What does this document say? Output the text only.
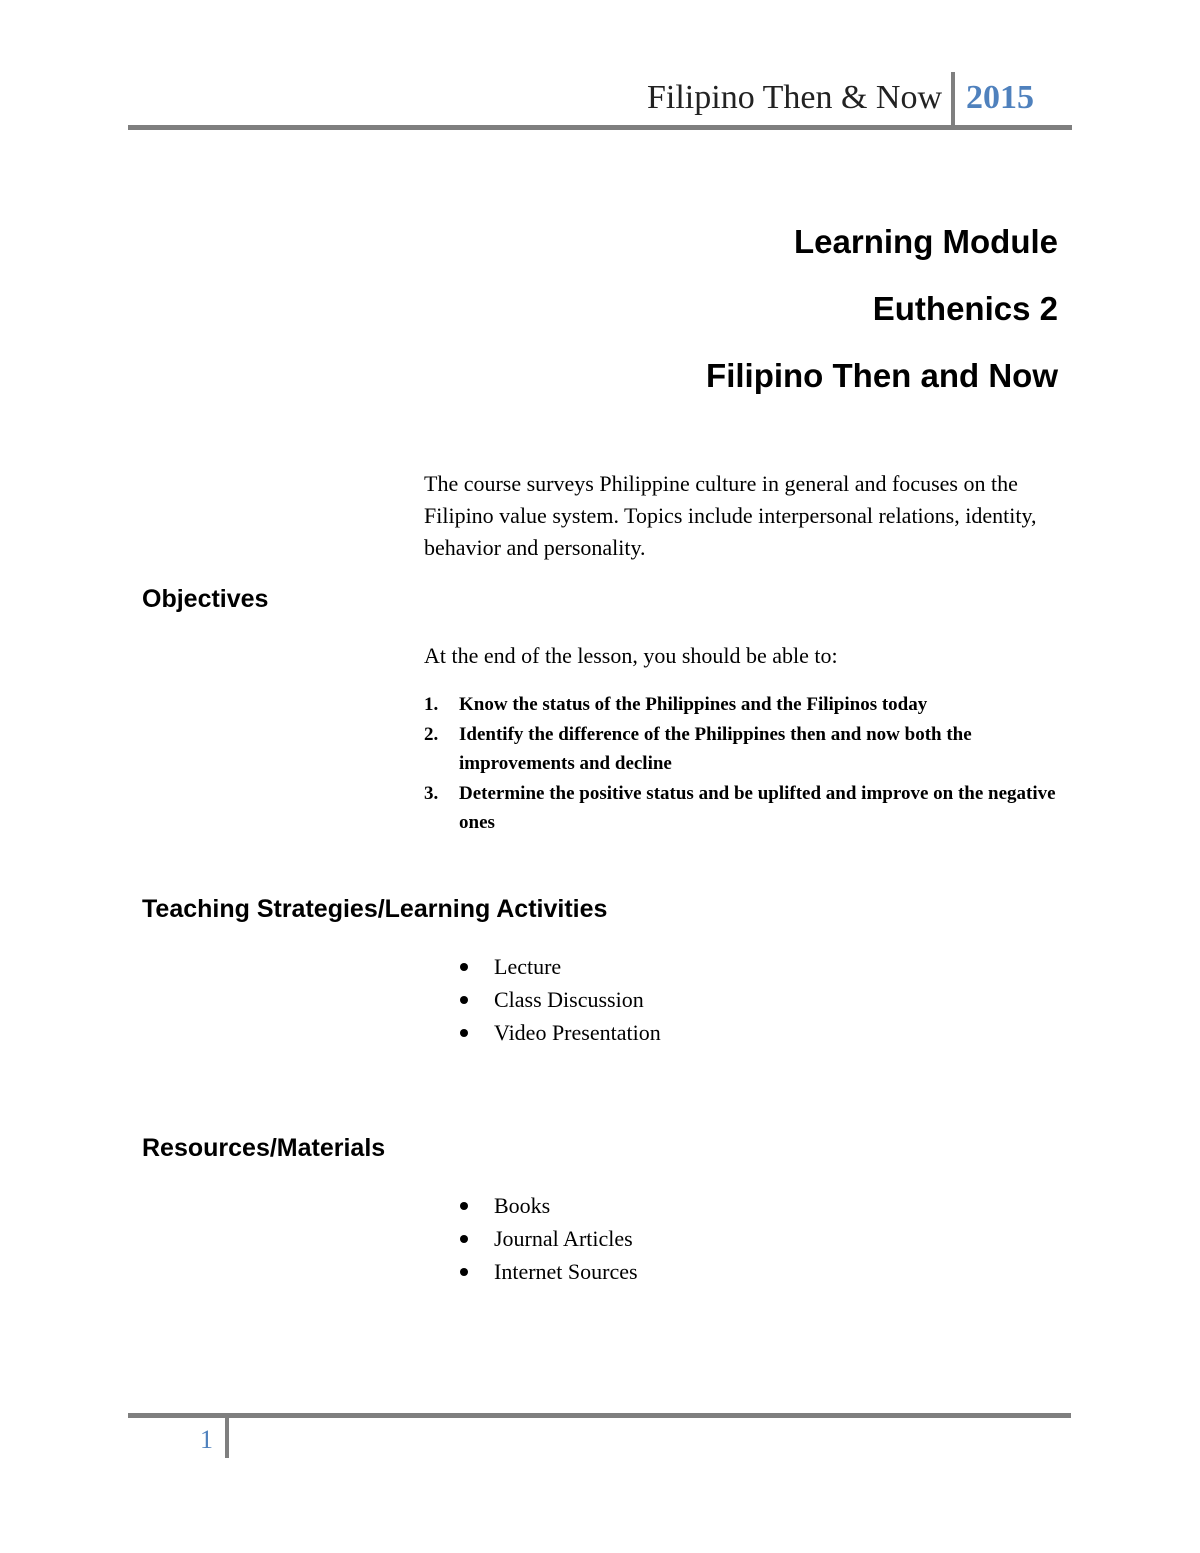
Filipino Then & Now 2015
Learning Module
Euthenics 2
Filipino Then and Now
The course surveys Philippine culture in general and focuses on the Filipino value system. Topics include interpersonal relations, identity, behavior and personality.
Objectives
At the end of the lesson, you should be able to:
1. Know the status of the Philippines and the Filipinos today
2. Identify the difference of the Philippines then and now both the improvements and decline
3. Determine the positive status and be uplifted and improve on the negative ones
Teaching Strategies/Learning Activities
Lecture
Class Discussion
Video Presentation
Resources/Materials
Books
Journal Articles
Internet Sources
1
